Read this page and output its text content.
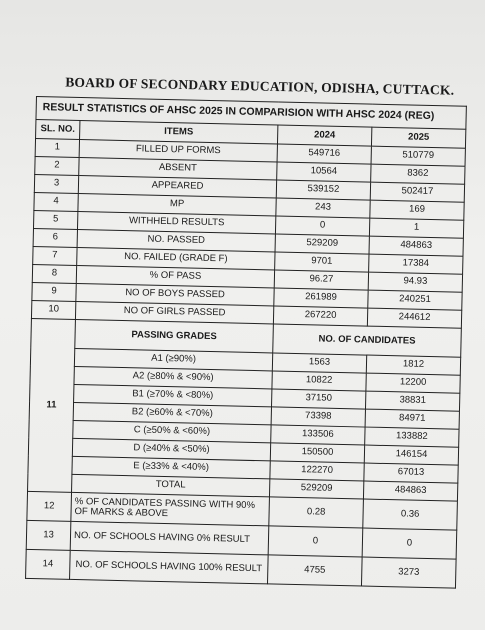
BOARD OF SECONDARY EDUCATION, ODISHA, CUTTACK.
RESULT STATISTICS OF AHSC 2025 IN COMPARISION WITH AHSC 2024 (REG)			
SL. NO.	ITEMS	2024	2025
1	FILLED UP FORMS	549716	510779
2	ABSENT	10564	8362
3	APPEARED	539152	502417
4	MP	243	169
5	WITHHELD RESULTS	0	1
6	NO. PASSED	529209	484863
7	NO. FAILED (GRADE F)	9701	17384
8	% OF PASS	96.27	94.93
9	NO OF BOYS PASSED	261989	240251
10	NO OF GIRLS PASSED	267220	244612
11	PASSING GRADES	NO. OF CANDIDATES	
	A1 (≥90%)	1563	1812
	A2 (≥80% & <90%)	10822	12200
	B1 (≥70% & <80%)	37150	38831
	B2 (≥60% & <70%)	73398	84971
	C (≥50% & <60%)	133506	133882
	D (≥40% & <50%)	150500	146154
	E (≥33% & <40%)	122270	67013
	TOTAL	529209	484863
12	% OF CANDIDATES PASSING WITH 90% OF MARKS & ABOVE	0.28	0.36
13	NO. OF SCHOOLS HAVING 0% RESULT	0	0
14	NO. OF SCHOOLS HAVING 100% RESULT	4755	3273
